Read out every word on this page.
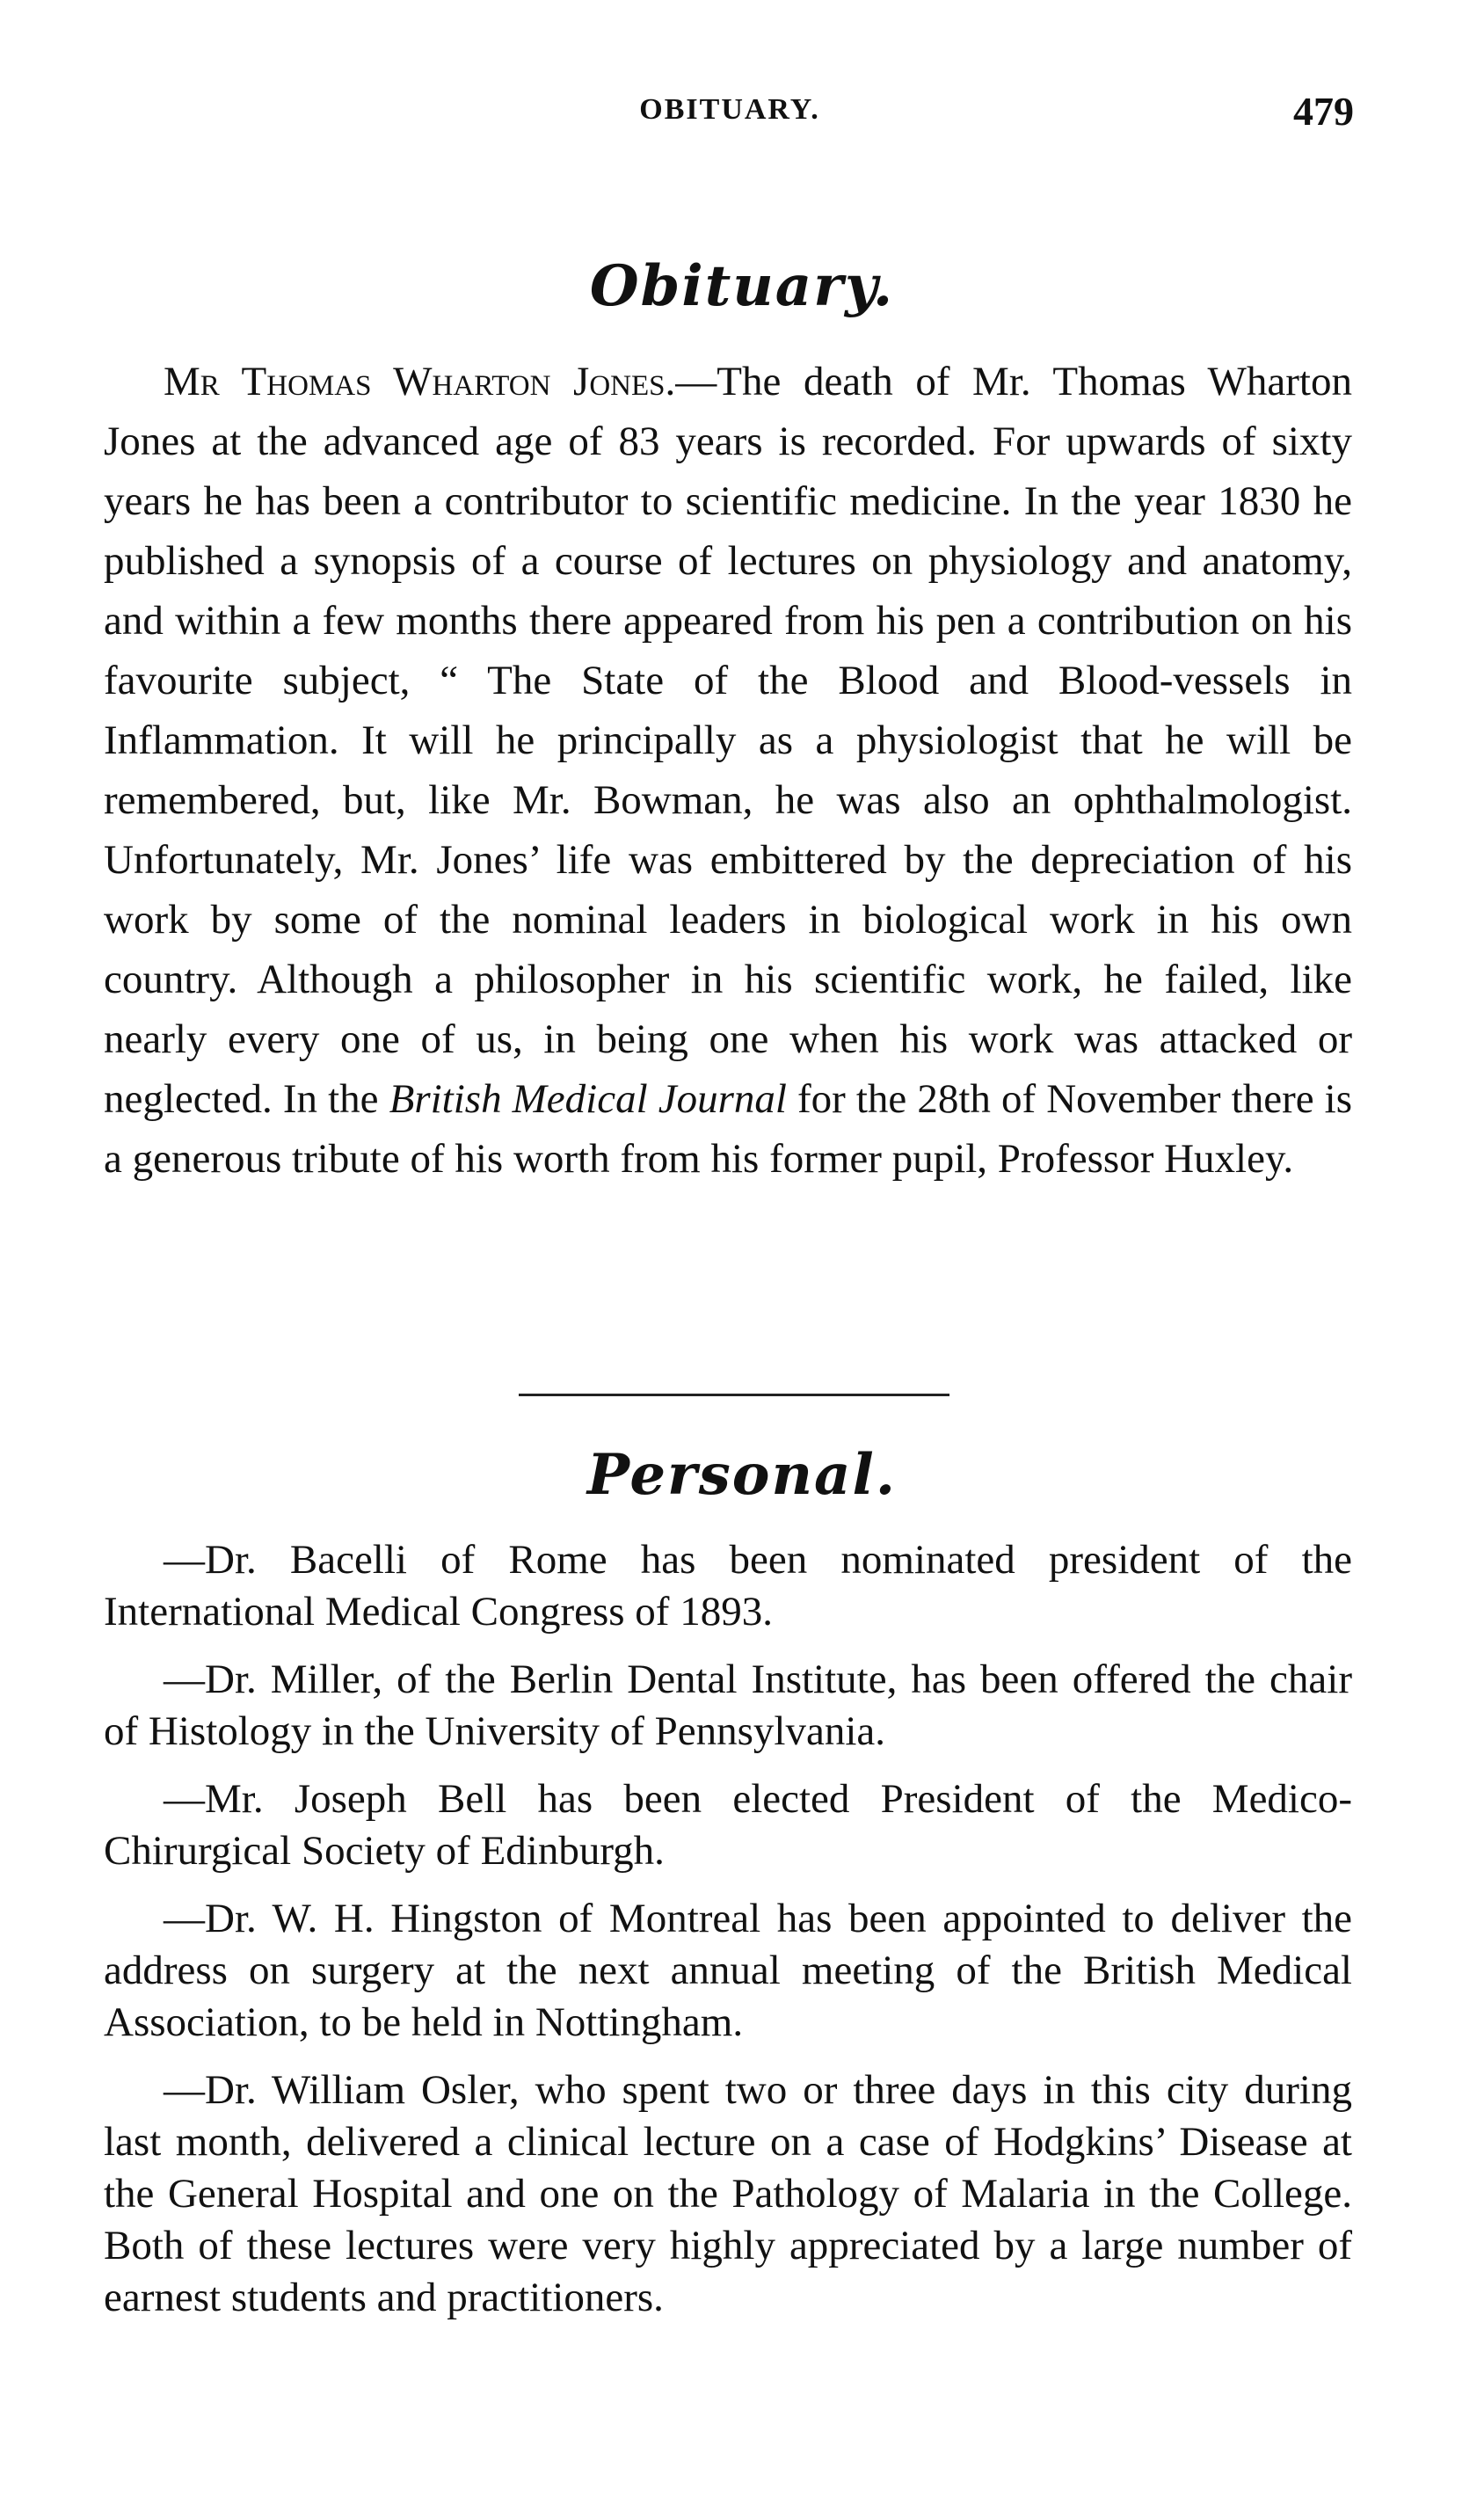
OBITUARY.	479
Obituary.

Mr Thomas Wharton Jones.—The death of Mr. Thomas Wharton Jones at the advanced age of 83 years is recorded. For upwards of sixty years he has been a contributor to scientific medicine. In the year 1830 he published a synopsis of a course of lectures on physiology and anatomy, and within a few months there appeared from his pen a contribution on his favourite subject, “ The State of the Blood and Blood-vessels in Inflammation. It will he principally as a physiologist that he will be remembered, but, like Mr. Bowman, he was also an ophthalmologist. Unfortunately, Mr. Jones’ life was embittered by the depreciation of his work by some of the nominal leaders in biological work in his own country. Although a philosopher in his scientific work, he failed, like nearly every one of us, in being one when his work was attacked or neglected. In the British Medical Journal for the 28th of November there is a generous tribute of his worth from his former pupil, Professor Huxley.

Personal.

—Dr. Bacelli of Rome has been nominated president of the International Medical Congress of 1893.

—Dr. Miller, of the Berlin Dental Institute, has been offered the chair of Histology in the University of Pennsylvania.

—Mr. Joseph Bell has been elected President of the Medico-Chirurgical Society of Edinburgh.

—Dr. W. H. Hingston of Montreal has been appointed to deliver the address on surgery at the next annual meeting of the British Medical Association, to be held in Nottingham.

—Dr. William Osler, who spent two or three days in this city during last month, delivered a clinical lecture on a case of Hodgkins’ Disease at the General Hospital and one on the Pathology of Malaria in the College. Both of these lectures were very highly appreciated by a large number of earnest students and practitioners.
